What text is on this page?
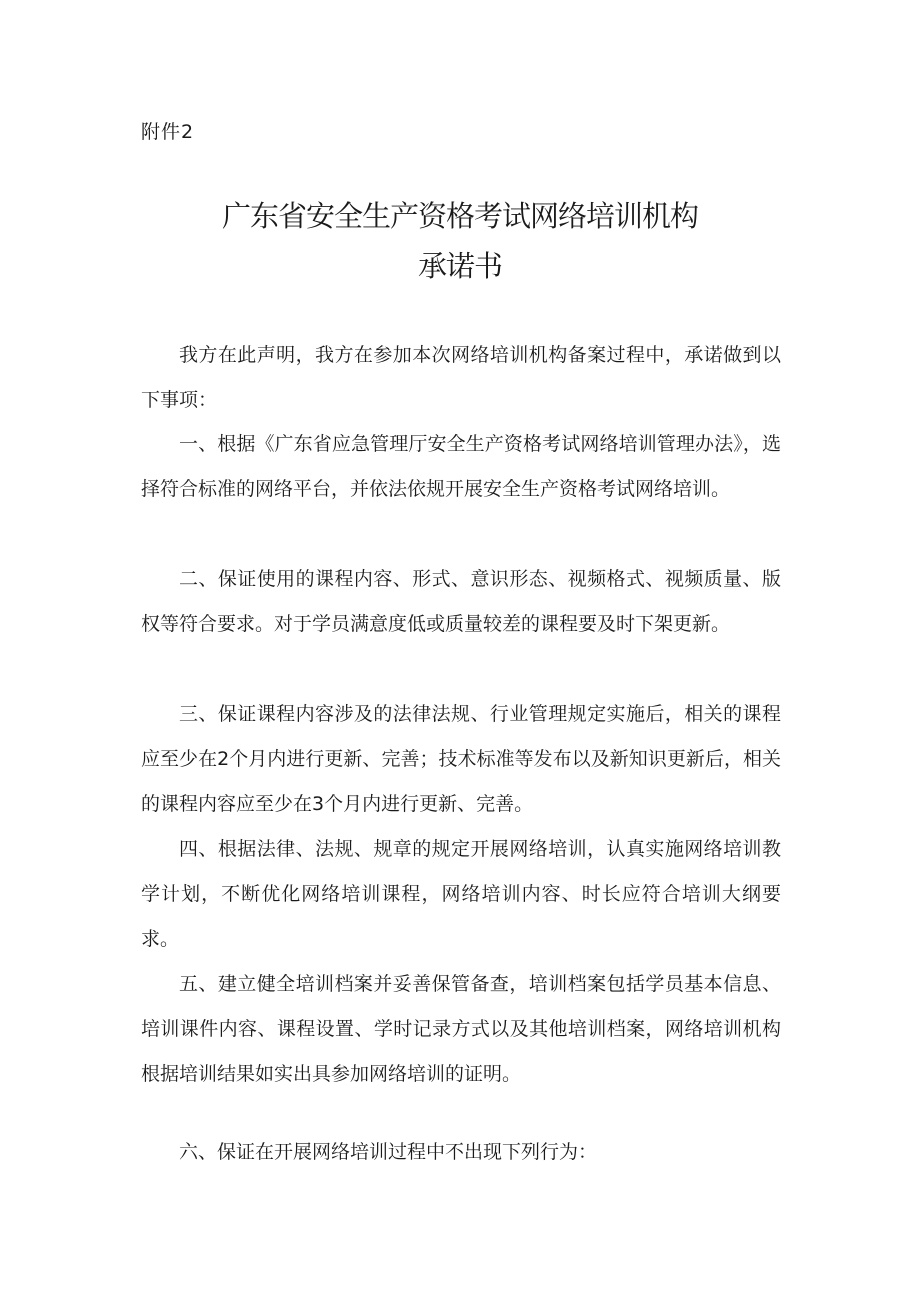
附件2
广东省安全生产资格考试网络培训机构
承诺书

我方在此声明，我方在参加本次网络培训机构备案过程中，承诺做到以下事项：

一、根据《广东省应急管理厅安全生产资格考试网络培训管理办法》，选择符合标准的网络平台，并依法依规开展安全生产资格考试网络培训。

二、保证使用的课程内容、形式、意识形态、视频格式、视频质量、版权等符合要求。对于学员满意度低或质量较差的课程要及时下架更新。

三、保证课程内容涉及的法律法规、行业管理规定实施后，相关的课程应至少在2个月内进行更新、完善；技术标准等发布以及新知识更新后，相关的课程内容应至少在3个月内进行更新、完善。

四、根据法律、法规、规章的规定开展网络培训，认真实施网络培训教学计划，不断优化网络培训课程，网络培训内容、时长应符合培训大纲要求。

五、建立健全培训档案并妥善保管备查，培训档案包括学员基本信息、培训课件内容、课程设置、学时记录方式以及其他培训档案，网络培训机构根据培训结果如实出具参加网络培训的证明。

六、保证在开展网络培训过程中不出现下列行为：
